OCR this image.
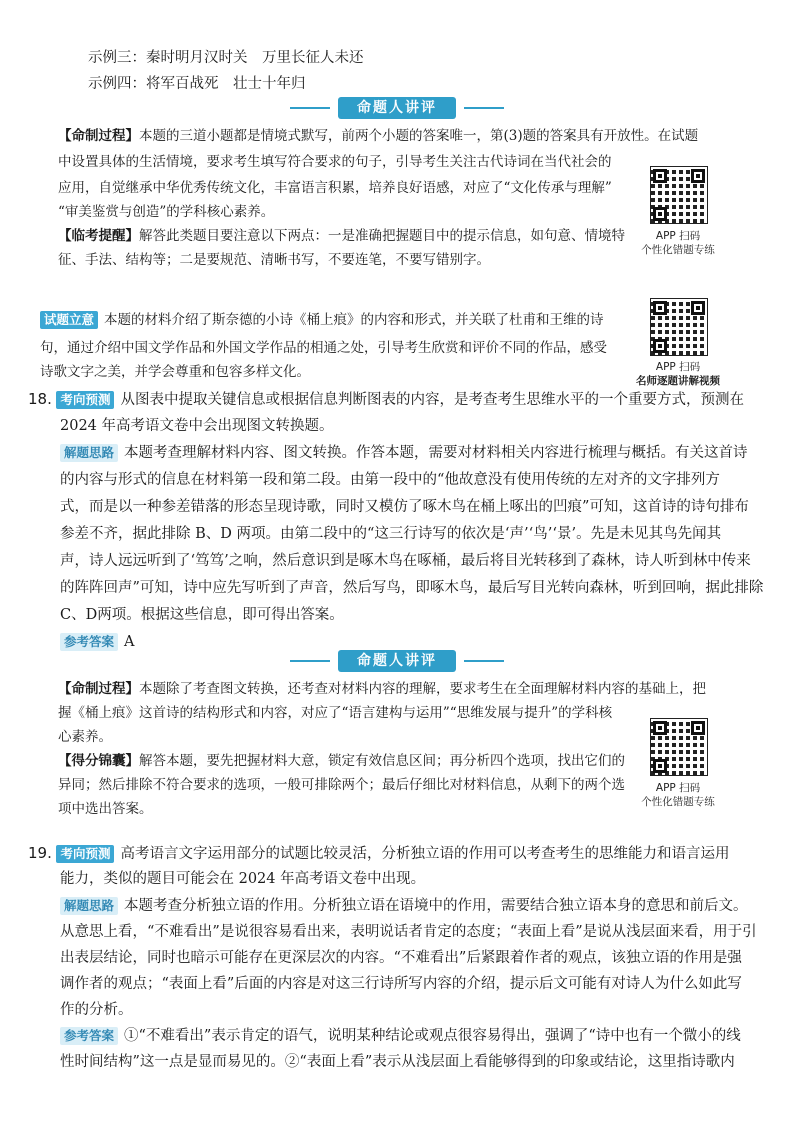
示例三：秦时明月汉时关　万里长征人未还
示例四：将军百战死　壮士十年归
命题人讲评
【命制过程】本题的三道小题都是情境式默写，前两个小题的答案唯一，第(3)题的答案具有开放性。在试题
中设置具体的生活情境，要求考生填写符合要求的句子，引导考生关注古代诗词在当代社会的
应用，自觉继承中华优秀传统文化，丰富语言积累，培养良好语感，对应了“文化传承与理解”
“审美鉴赏与创造”的学科核心素养。
【临考提醒】解答此类题目要注意以下两点：一是准确把握题目中的提示信息，如句意、情境特
征、手法、结构等；二是要规范、清晰书写，不要连笔，不要写错别字。
APP 扫码
个性化错题专练
试题立意 本题的材料介绍了斯奈德的小诗《桶上痕》的内容和形式，并关联了杜甫和王维的诗
句，通过介绍中国文学作品和外国文学作品的相通之处，引导考生欣赏和评价不同的作品，感受
诗歌文字之美，并学会尊重和包容多样文化。	APP 扫码
名师逐题讲解视频
18. 考向预测 从图表中提取关键信息或根据信息判断图表的内容，是考查考生思维水平的一个重要方式，预测在
2024 年高考语文卷中会出现图文转换题。
解题思路 本题考查理解材料内容、图文转换。作答本题，需要对材料相关内容进行梳理与概括。有关这首诗
的内容与形式的信息在材料第一段和第二段。由第一段中的“他故意没有使用传统的左对齐的文字排列方
式，而是以一种参差错落的形态呈现诗歌，同时又模仿了啄木鸟在桶上啄出的凹痕”可知，这首诗的诗句排布
参差不齐，据此排除 B、D 两项。由第二段中的“这三行诗写的依次是‘声’‘鸟’‘景’。先是未见其鸟先闻其
声，诗人远远听到了‘笃笃’之响，然后意识到是啄木鸟在啄桶，最后将目光转移到了森林，诗人听到林中传来
的阵阵回声”可知，诗中应先写听到了声音，然后写鸟，即啄木鸟，最后写目光转向森林，听到回响，据此排除
C、D两项。根据这些信息，即可得出答案。
参考答案 A
命题人讲评
【命制过程】本题除了考查图文转换，还考查对材料内容的理解，要求考生在全面理解材料内容的基础上，把
握《桶上痕》这首诗的结构形式和内容，对应了“语言建构与运用”“思维发展与提升”的学科核
心素养。
【得分锦囊】解答本题，要先把握材料大意，锁定有效信息区间；再分析四个选项，找出它们的
异同；然后排除不符合要求的选项，一般可排除两个；最后仔细比对材料信息，从剩下的两个选
项中选出答案。
APP 扫码
个性化错题专练
19. 考向预测 高考语言文字运用部分的试题比较灵活，分析独立语的作用可以考查考生的思维能力和语言运用
能力，类似的题目可能会在 2024 年高考语文卷中出现。
解题思路 本题考查分析独立语的作用。分析独立语在语境中的作用，需要结合独立语本身的意思和前后文。
从意思上看，“不难看出”是说很容易看出来，表明说话者肯定的态度；“表面上看”是说从浅层面来看，用于引
出表层结论，同时也暗示可能存在更深层次的内容。“不难看出”后紧跟着作者的观点，该独立语的作用是强
调作者的观点；“表面上看”后面的内容是对这三行诗所写内容的介绍，提示后文可能有对诗人为什么如此写
作的分析。
参考答案 ①“不难看出”表示肯定的语气，说明某种结论或观点很容易得出，强调了“诗中也有一个微小的线
性时间结构”这一点是显而易见的。②“表面上看”表示从浅层面上看能够得到的印象或结论，这里指诗歌内
